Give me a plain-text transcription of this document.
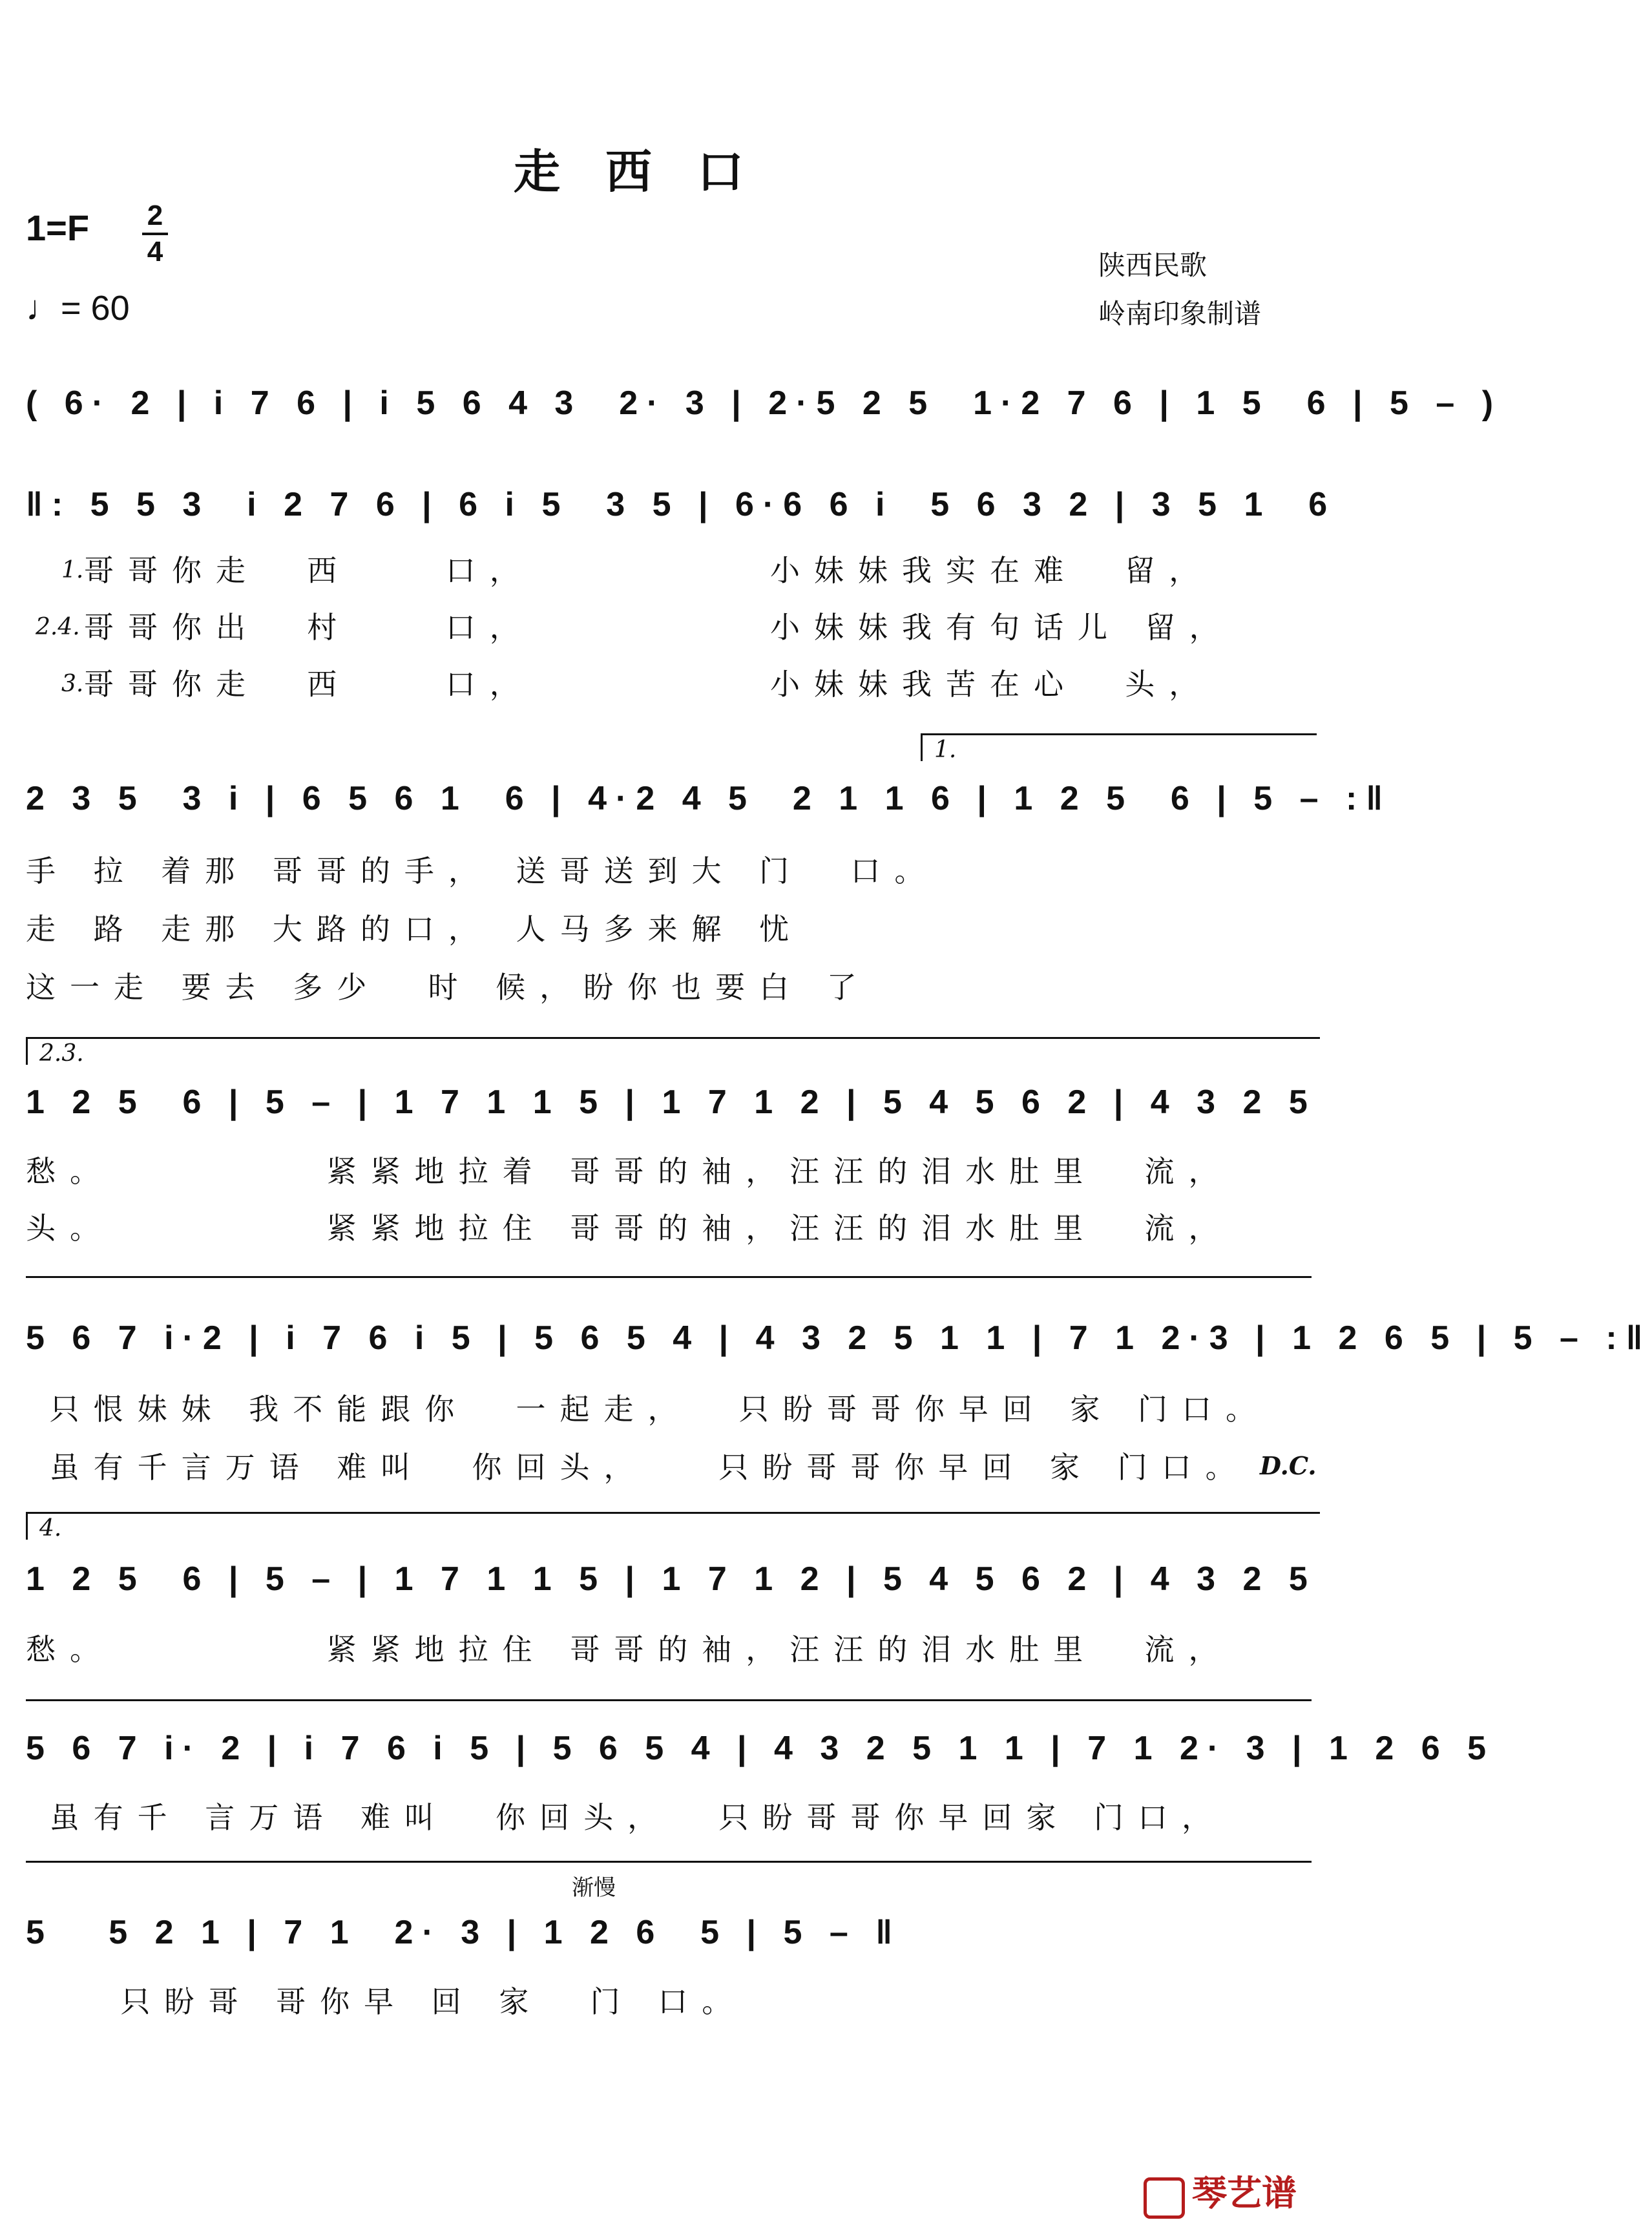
走西口
1=F 2
4
♩= 60
陕西民歌
岭南印象制谱
( 6· 2 | i 7 6 | i 5 6 4 3  2· 3 | 2·5 2 5  1·2 7 6 | 1 5  6 | 5 – )
‖: 5 5 3  i 2 7 6 | 6 i 5  3 5 | 6·6 6 i  5 6 3 2 | 3 5 1  6
1. 哥哥你走  西    口，          小妹妹我实在难  留，
2.4. 哥哥你出  村    口，          小妹妹我有句话儿 留，
3. 哥哥你走  西    口，          小妹妹我苦在心  头，
1.
2 3 5  3 i | 6 5 6 1  6 | 4·2 4 5  2 1 1 6 | 1 2 5  6 | 5 – :‖
手 拉 着那 哥哥的手， 送哥送到大 门  口。
走 路 走那 大路的口， 人马多来解 忧
这一走 要去 多少  时 候，盼你也要白 了
2.3.
1 2 5  6 | 5 – | 1 7 1 1 5 | 1 7 1 2 | 5 4 5 6 2 | 4 3 2 5
愁。         紧紧地拉着 哥哥的袖，汪汪的泪水肚里  流，
头。         紧紧地拉住 哥哥的袖，汪汪的泪水肚里  流，
5 6 7 i·2 | i 7 6 i 5 | 5 6 5 4 | 4 3 2 5 1 1 | 7 1 2·3 | 1 2 6 5 | 5 – :‖
只恨妹妹 我不能跟你  一起走，  只盼哥哥你早回 家 门口。
虽有千言万语 难叫  你回头，   只盼哥哥你早回 家 门口。 D.C.
4.
1 2 5  6 | 5 – | 1 7 1 1 5 | 1 7 1 2 | 5 4 5 6 2 | 4 3 2 5
愁。         紧紧地拉住 哥哥的袖，汪汪的泪水肚里  流，
5 6 7 i· 2 | i 7 6 i 5 | 5 6 5 4 | 4 3 2 5 1 1 | 7 1 2· 3 | 1 2 6 5
虽有千 言万语 难叫  你回头，  只盼哥哥你早回家 门口，
渐慢
5   5 2 1 | 7 1  2· 3 | 1 2 6  5 | 5 – ‖
只盼哥 哥你早 回 家  门 口。
琴艺谱
